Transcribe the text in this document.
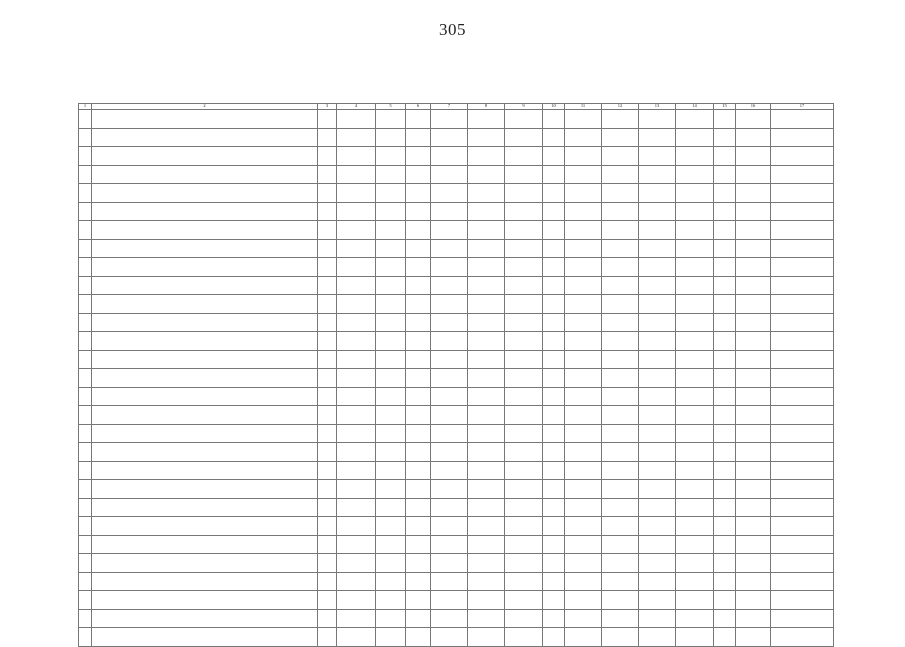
305
1	2	3	4	5	6	7	8	9	10	11	12	13	14	15	16	17
